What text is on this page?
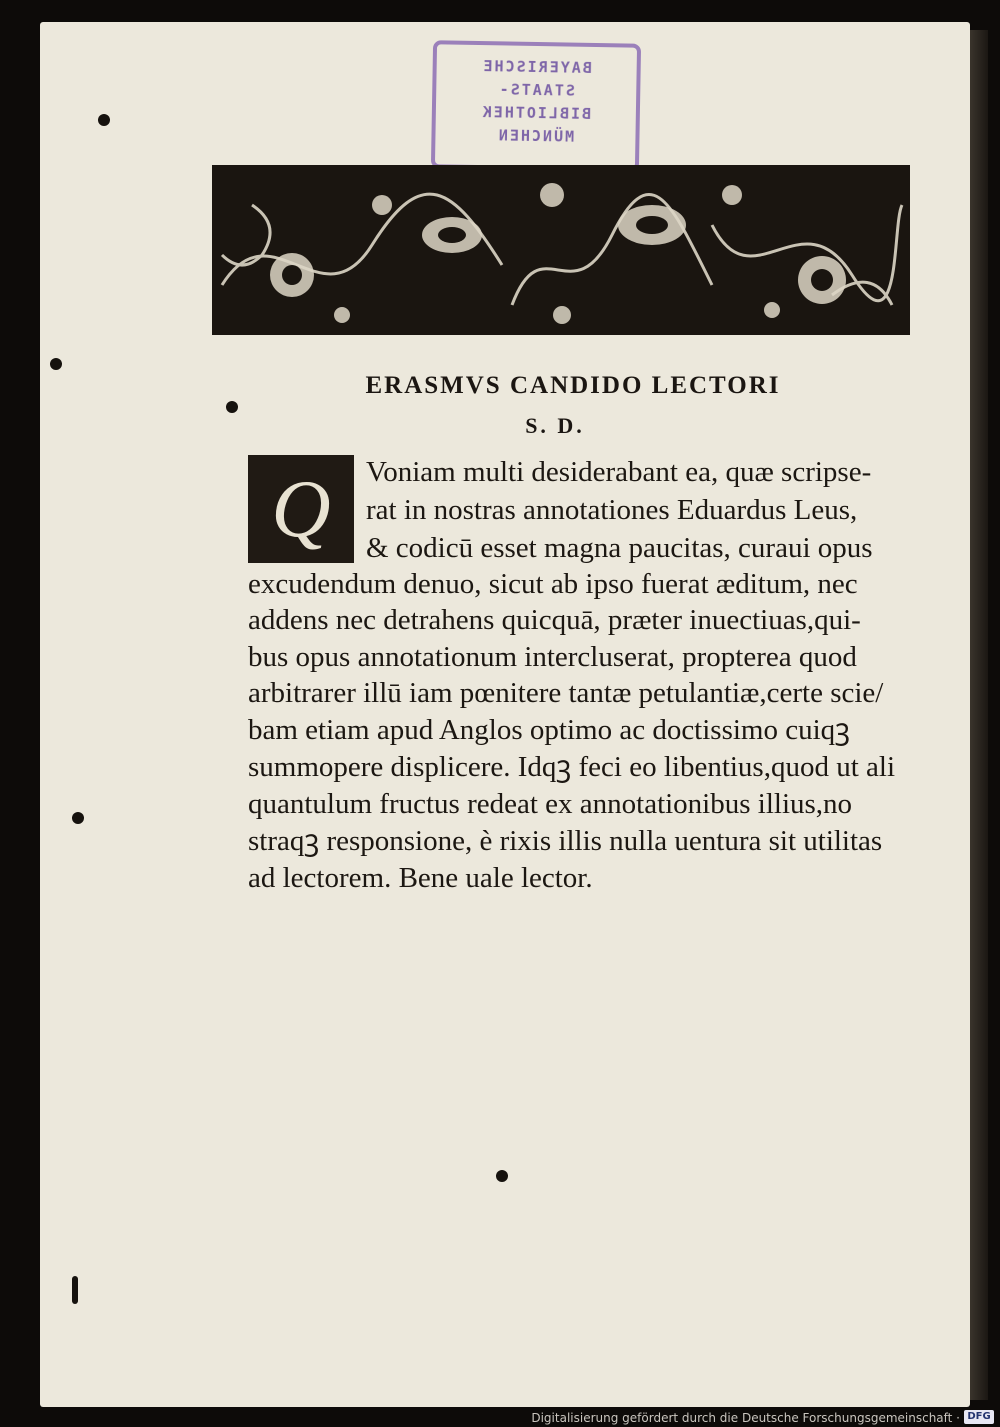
BAYERISCHE
STAATS-
BIBLIOTHEK
MÜNCHEN
ERASMVS CANDIDO LECTORI
S. D.
Q	Voniam multi desiderabant ea, quæ scripse-
rat in nostras annotationes Eduardus Leus,
& codicū esset magna paucitas, curaui opus
excudendum denuo, sicut ab ipso fuerat æditum, nec
addens nec detrahens quicquā, præter inuectiuas,qui-
bus opus annotationum intercluserat, propterea quod
arbitrarer illū iam pœnitere tantæ petulantiæ,certe scie/
bam etiam apud Anglos optimo ac doctissimo cuiqꝫ
summopere displicere. Idqꝫ feci eo libentius,quod ut ali
quantulum fructus redeat ex annotationibus illius,no
straqꝫ responsione, è rixis illis nulla uentura sit utilitas
ad lectorem. Bene uale lector.
Digitalisierung gefördert durch die Deutsche Forschungsgemeinschaft · DFG
